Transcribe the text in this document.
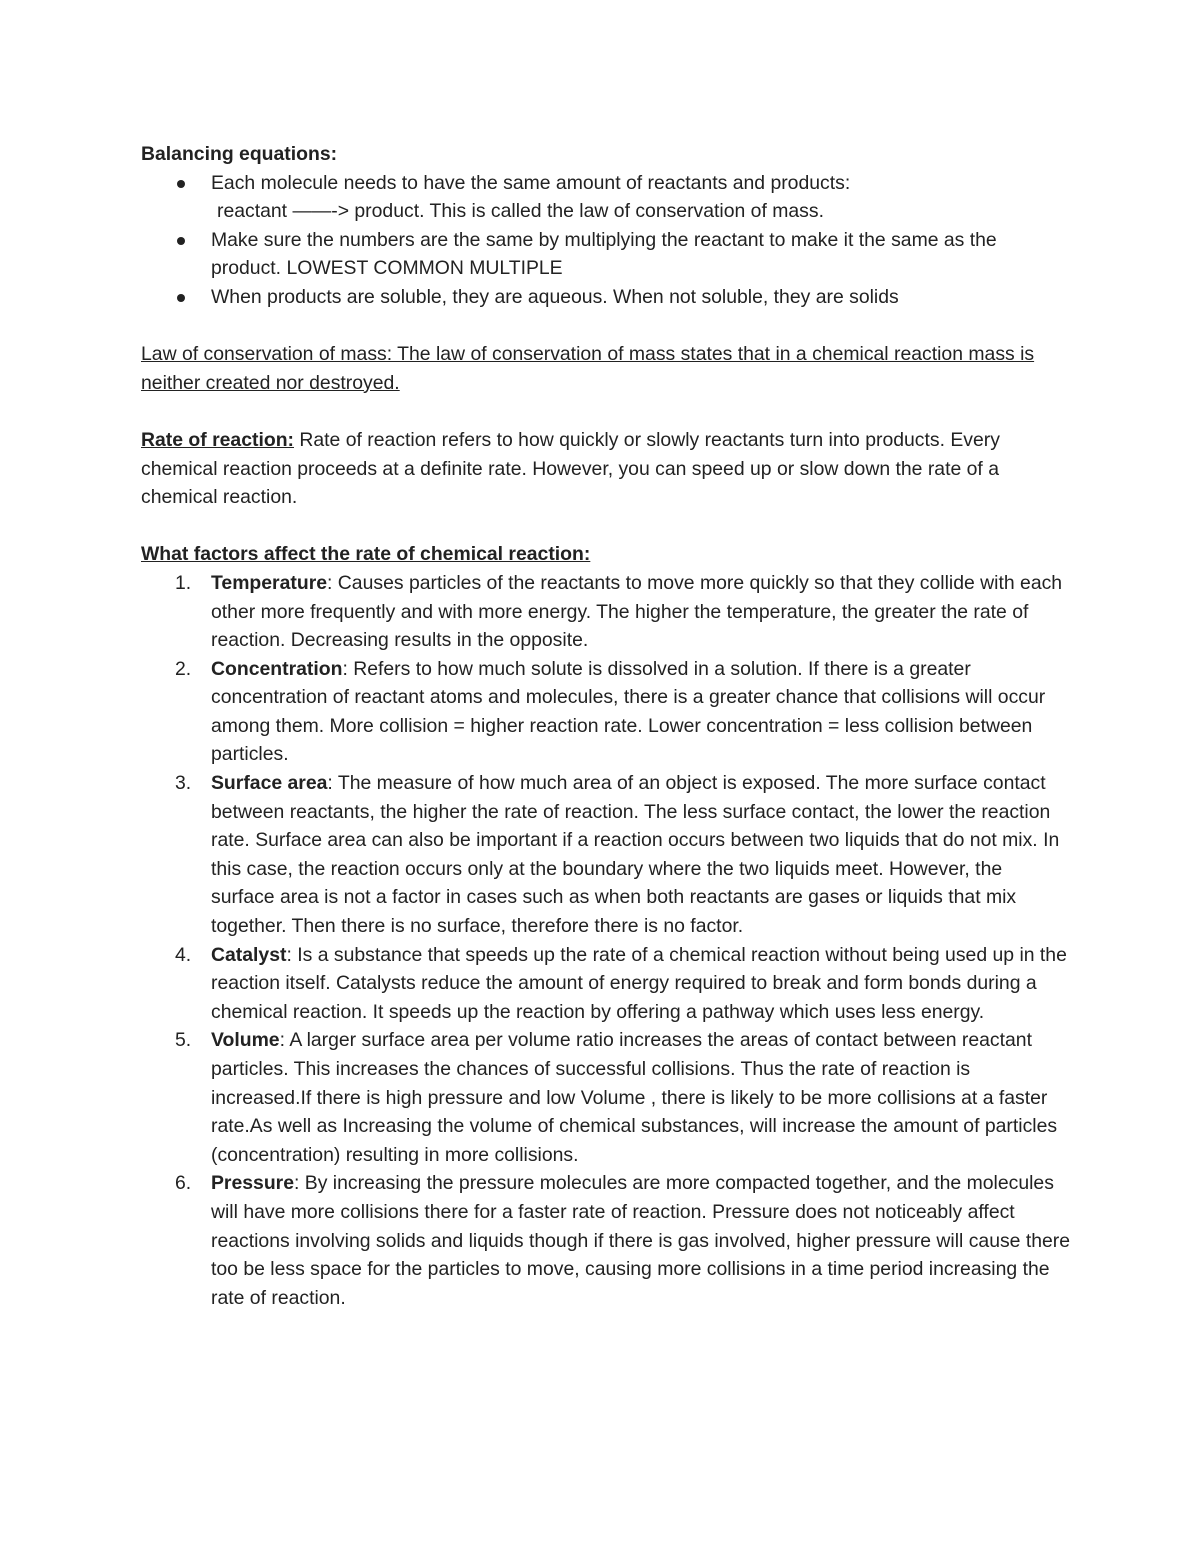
Balancing equations:

Each molecule needs to have the same amount of reactants and products:
reactant ——-> product. This is called the law of conservation of mass.
Make sure the numbers are the same by multiplying the reactant to make it the same as the product. LOWEST COMMON MULTIPLE
When products are soluble, they are aqueous. When not soluble, they are solids

Law of conservation of mass: The law of conservation of mass states that in a chemical reaction mass is neither created nor destroyed.

Rate of reaction: Rate of reaction refers to how quickly or slowly reactants turn into products. Every chemical reaction proceeds at a definite rate. However, you can speed up or slow down the rate of a chemical reaction.

What factors affect the rate of chemical reaction:

1.	Temperature: Causes particles of the reactants to move more quickly so that they collide with each other more frequently and with more energy. The higher the temperature, the greater the rate of reaction. Decreasing results in the opposite.
2.	Concentration: Refers to how much solute is dissolved in a solution. If there is a greater concentration of reactant atoms and molecules, there is a greater chance that collisions will occur among them. More collision = higher reaction rate. Lower concentration = less collision between particles.
3.	Surface area: The measure of how much area of an object is exposed. The more surface contact between reactants, the higher the rate of reaction. The less surface contact, the lower the reaction rate. Surface area can also be important if a reaction occurs between two liquids that do not mix. In this case, the reaction occurs only at the boundary where the two liquids meet. However, the surface area is not a factor in cases such as when both reactants are gases or liquids that mix together. Then there is no surface, therefore there is no factor.
4.	Catalyst: Is a substance that speeds up the rate of a chemical reaction without being used up in the reaction itself. Catalysts reduce the amount of energy required to break and form bonds during a chemical reaction. It speeds up the reaction by offering a pathway which uses less energy.
5.	Volume: A larger surface area per volume ratio increases the areas of contact between reactant particles. This increases the chances of successful collisions. Thus the rate of reaction is increased.If there is high pressure and low Volume , there is likely to be more collisions at a faster rate.As well as Increasing the volume of chemical substances, will increase the amount of particles (concentration) resulting in more collisions.
6.	Pressure: By increasing the pressure molecules are more compacted together, and the molecules will have more collisions there for a faster rate of reaction. Pressure does not noticeably affect reactions involving solids and liquids though if there is gas involved, higher pressure will cause there too be less space for the particles to move, causing more collisions in a time period increasing the rate of reaction.
